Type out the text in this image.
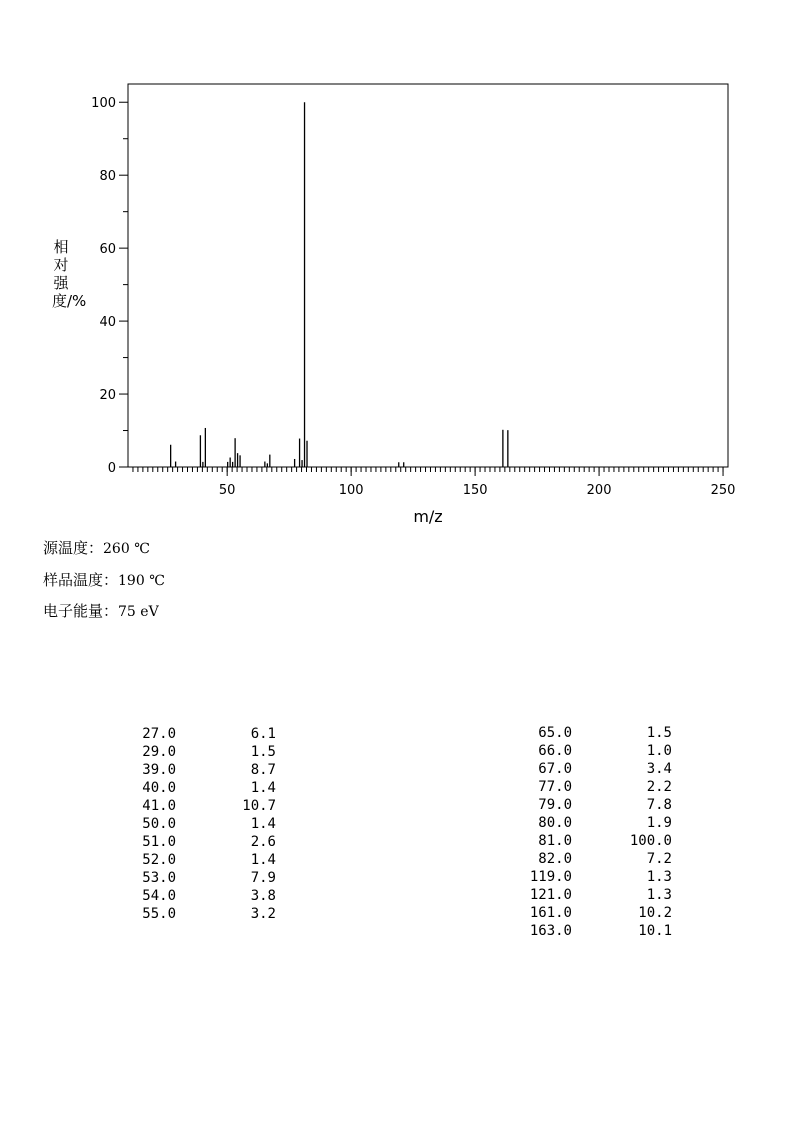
50	100	150	200	250
0
20
40
60
80
100
m/z
相对强度/%
源温度：260 ℃
样品温度：190 ℃
电子能量：75 eV
27.0	6.1
29.0	1.5
39.0	8.7
40.0	1.4
41.0	10.7
50.0	1.4
51.0	2.6
52.0	1.4
53.0	7.9
54.0	3.8
55.0	3.2
65.0	1.5
66.0	1.0
67.0	3.4
77.0	2.2
79.0	7.8
80.0	1.9
81.0	100.0
82.0	7.2
119.0	1.3
121.0	1.3
161.0	10.2
163.0	10.1
